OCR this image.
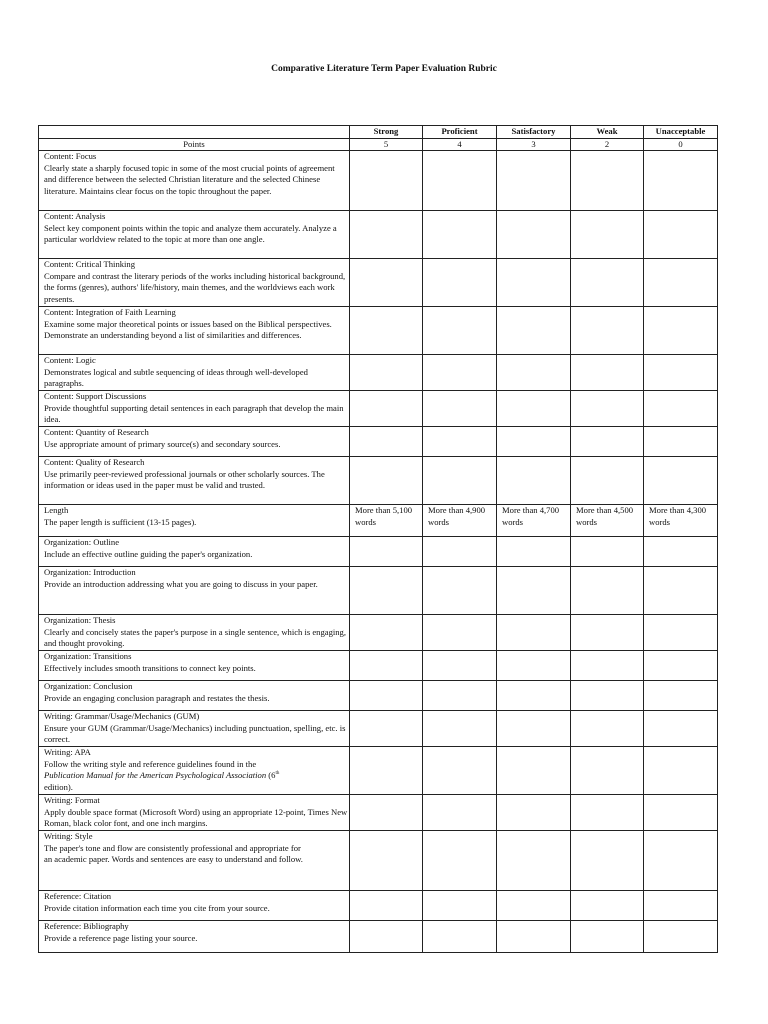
Comparative Literature Term Paper Evaluation Rubric
	Strong	Proficient	Satisfactory	Weak	Unacceptable
Points	5	4	3	2	0

Content: Focus
Clearly state a sharply focused topic in some of the most crucial points of agreement and difference between the selected Christian literature and the selected Chinese literature. Maintains clear focus on the topic throughout the paper.					

Content: Analysis
Select key component points within the topic and analyze them accurately. Analyze a particular worldview related to the topic at more than one angle.					

Content: Critical Thinking
Compare and contrast the literary periods of the works including historical background, the forms (genres), authors' life/history, main themes, and the worldviews each work presents.					

Content: Integration of Faith Learning
Examine some major theoretical points or issues based on the Biblical perspectives. Demonstrate an understanding beyond a list of similarities and differences.					

Content: Logic
Demonstrates logical and subtle sequencing of ideas through well-developed paragraphs.					

Content: Support Discussions
Provide thoughtful supporting detail sentences in each paragraph that develop the main idea.					

Content: Quantity of Research
Use appropriate amount of primary source(s) and secondary sources.					

Content: Quality of Research
Use primarily peer-reviewed professional journals or other scholarly sources. The information or ideas used in the paper must be valid and trusted.					

Length
The paper length is sufficient (13-15 pages).	More than 5,100 words	More than 4,900 words	More than 4,700 words	More than 4,500 words	More than 4,300 words

Organization: Outline
Include an effective outline guiding the paper's organization.					

Organization: Introduction
Provide an introduction addressing what you are going to discuss in your paper.					

Organization: Thesis
Clearly and concisely states the paper's purpose in a single sentence, which is engaging, and thought provoking.					

Organization: Transitions
Effectively includes smooth transitions to connect key points.					

Organization: Conclusion
Provide an engaging conclusion paragraph and restates the thesis.					

Writing: Grammar/Usage/Mechanics (GUM)
Ensure your GUM (Grammar/Usage/Mechanics) including punctuation, spelling, etc. is correct.					

Writing: APA
Follow the writing style and reference guidelines found in the
Publication Manual for the American Psychological Association (6th
edition).					

Writing: Format
Apply double space format (Microsoft Word) using an appropriate 12-point, Times New Roman, black color font, and one inch margins.					

Writing: Style
The paper's tone and flow are consistently professional and appropriate for
an academic paper. Words and sentences are easy to understand and follow.					

Reference: Citation
Provide citation information each time you cite from your source.					

Reference: Bibliography
Provide a reference page listing your source.					
